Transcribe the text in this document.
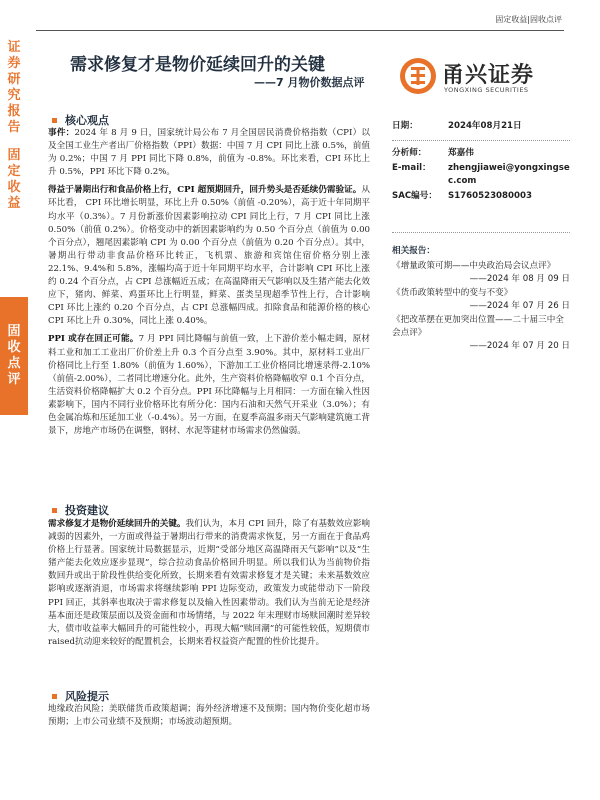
固定收益|固收点评
证券研究报告
固定收益
固收点评
需求修复才是物价延续回升的关键
——7 月物价数据点评	甬兴证券
YONGXING SECURITIES
核心观点

事件：2024 年 8 月 9 日，国家统计局公布 7 月全国居民消费价格指数（CPI）以及全国工业生产者出厂价格指数（PPI）数据：中国 7 月 CPI 同比上涨 0.5%，前值为 0.2%；中国 7 月 PPI 同比下降 0.8%，前值为 -0.8%。环比来看，CPI 环比上升 0.5%，PPI 环比下降 0.2%。

得益于暑期出行和食品价格上行，CPI 超预期回升，回升势头是否延续仍需验证。从环比看， CPI 环比增长明显，环比上升 0.50%（前值 -0.20%），高于近十年同期平均水平（0.3%）。7 月份新涨价因素影响拉动 CPI 同比上行，7 月 CPI 同比上涨 0.50%（前值 0.2%）。价格变动中的新因素影响约为 0.50 个百分点（前值为 0.00 个百分点），翘尾因素影响 CPI 为 0.00 个百分点（前值为 0.20 个百分点）。其中，暑期出行带动非食品价格环比转正，飞机票、旅游和宾馆住宿价格分别上涨 22.1%、9.4%和 5.8%，涨幅均高于近十年同期平均水平，合计影响 CPI 环比上涨约 0.24 个百分点，占 CPI 总涨幅近五成；在高温降雨天气影响以及生猪产能去化效应下，猪肉、鲜菜、鸡蛋环比上行明显，鲜菜、蛋类呈现超季节性上行，合计影响 CPI 环比上涨约 0.20 个百分点，占 CPI 总涨幅四成。扣除食品和能源价格的核心 CPI 环比上升 0.30%，同比上涨 0.40%。

PPI 或存在回正可能。7 月 PPI 同比降幅与前值一致，上下游价差小幅走阔，原材料工业和加工工业出厂价价差上升 0.3 个百分点至 3.90%。其中，原材料工业出厂价格同比上行至 1.80%（前值为 1.60%），下游加工工业价格同比增速录得-2.10%（前值-2.00%），二者同比增速分化。此外，生产资料价格降幅收窄 0.1 个百分点，生活资料价格降幅扩大 0.2 个百分点。PPI 环比降幅与上月相同：一方面在输入性因素影响下，国内不同行业价格环比有所分化：国内石油和天然气开采业（3.0%）；有色金属冶炼和压延加工业（-0.4%）。另一方面，在夏季高温多雨天气影响建筑施工背景下，房地产市场仍在调整，钢材、水泥等建材市场需求仍然偏弱。

投资建议

需求修复才是物价延续回升的关键。我们认为，本月 CPI 回升，除了有基数效应影响减弱的因素外，一方面或得益于暑期出行带来的消费需求恢复，另一方面在于食品鸡价格上行显著。国家统计局数据显示，近期“受部分地区高温降雨天气影响”以及“生猪产能去化效应逐步显现”，综合拉动食品价格回升明显。所以我们认为当前物价指数回升或出于阶段性供给变化所致，长期来看有效需求修复才是关键；未来基数效应影响或逐渐消退，市场需求将继续影响 PPI 边际变动，政策发力或能带动下一阶段 PPI 回正，其斜率也取决于需求修复以及输入性因素带动。我们认为当前无论是经济基本面还是政策层面以及资金面和市场情绪，与 2022 年末理财市场赎回潮时差异较大，债市收益率大幅回升的可能性较小，再现大幅“赎回潮”的可能性较低，短期债市raised抗动迎来较好的配置机会，长期来看权益资产配置的性价比提升。

风险提示

地缘政治风险；美联储货币政策超调；海外经济增速不及预期；国内物价变化超市场预期；上市公司业绩不及预期；市场波动超预期。

日期：	2024年08月21日
分析师：	郑嘉伟
E-mail：	zhengjiawei@yongxingsec.com
SAC编号：	S1760523080003
相关报告：
《增量政策可期——中央政治局会议点评》
——2024 年 08 月 09 日
《货币政策转型中的变与不变》
——2024 年 07 月 26 日
《把改革摆在更加突出位置——二十届三中全会点评》
——2024 年 07 月 20 日
